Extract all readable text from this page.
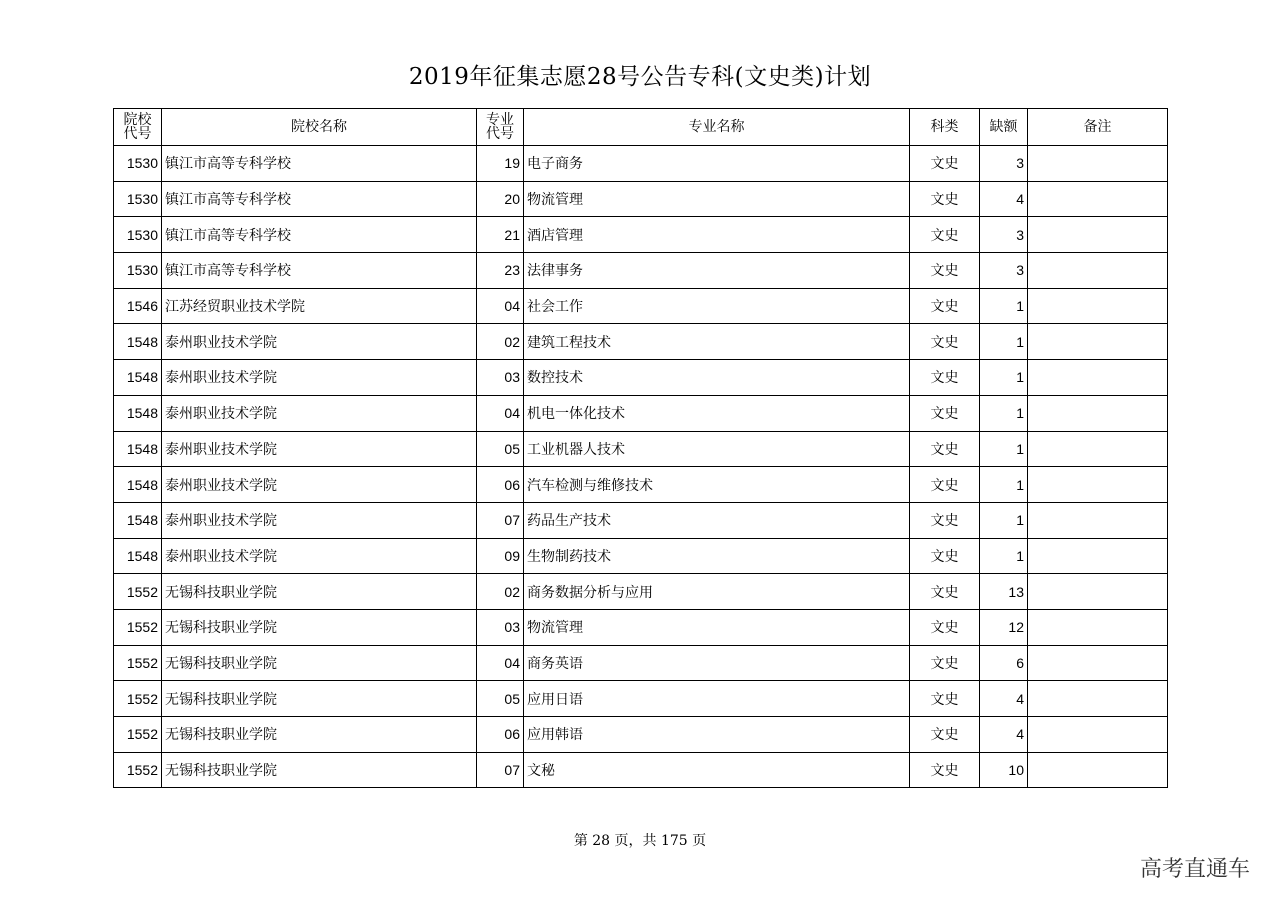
2019年征集志愿28号公告专科(文史类)计划
院校代号	院校名称	专业代号	专业名称	科类	缺额	备注
1530	镇江市高等专科学校	19	电子商务	文史	3	
1530	镇江市高等专科学校	20	物流管理	文史	4	
1530	镇江市高等专科学校	21	酒店管理	文史	3	
1530	镇江市高等专科学校	23	法律事务	文史	3	
1546	江苏经贸职业技术学院	04	社会工作	文史	1	
1548	泰州职业技术学院	02	建筑工程技术	文史	1	
1548	泰州职业技术学院	03	数控技术	文史	1	
1548	泰州职业技术学院	04	机电一体化技术	文史	1	
1548	泰州职业技术学院	05	工业机器人技术	文史	1	
1548	泰州职业技术学院	06	汽车检测与维修技术	文史	1	
1548	泰州职业技术学院	07	药品生产技术	文史	1	
1548	泰州职业技术学院	09	生物制药技术	文史	1	
1552	无锡科技职业学院	02	商务数据分析与应用	文史	13	
1552	无锡科技职业学院	03	物流管理	文史	12	
1552	无锡科技职业学院	04	商务英语	文史	6	
1552	无锡科技职业学院	05	应用日语	文史	4	
1552	无锡科技职业学院	06	应用韩语	文史	4	
1552	无锡科技职业学院	07	文秘	文史	10	
第 28 页，共 175 页
高考直通车
